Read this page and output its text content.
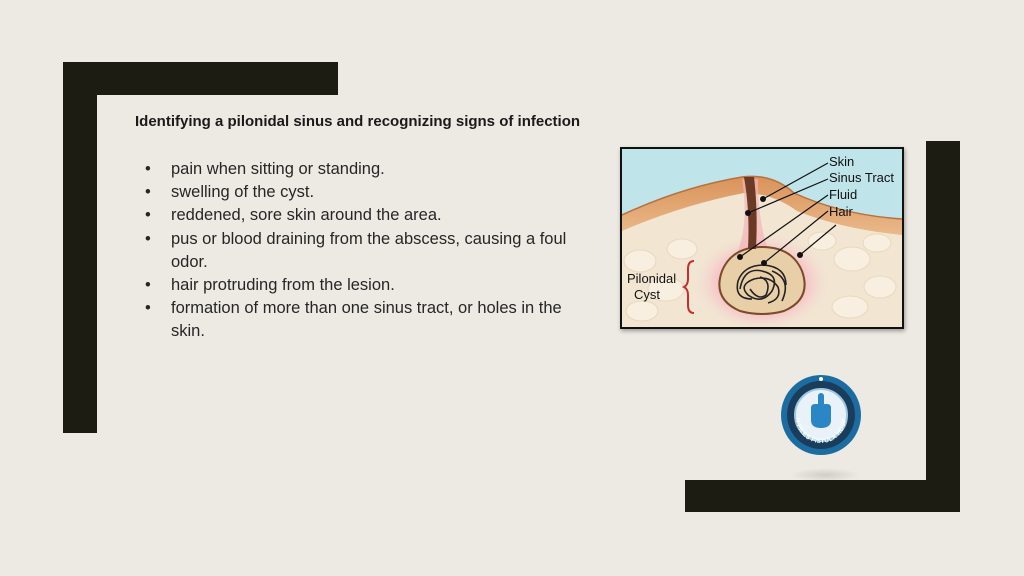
Identifying a pilonidal sinus and recognizing signs of infection
• pain when sitting or standing.
• swelling of the cyst.
• reddened, sore skin around the area.
• pus or blood draining from the abscess, causing a foul odor.
• hair protruding from the lesion.
• formation of more than one sinus tract, or holes in the skin.
Skin
Sinus Tract
Fluid
Hair
Pilonidal
Cyst
H PILES FISTULA HOSP
